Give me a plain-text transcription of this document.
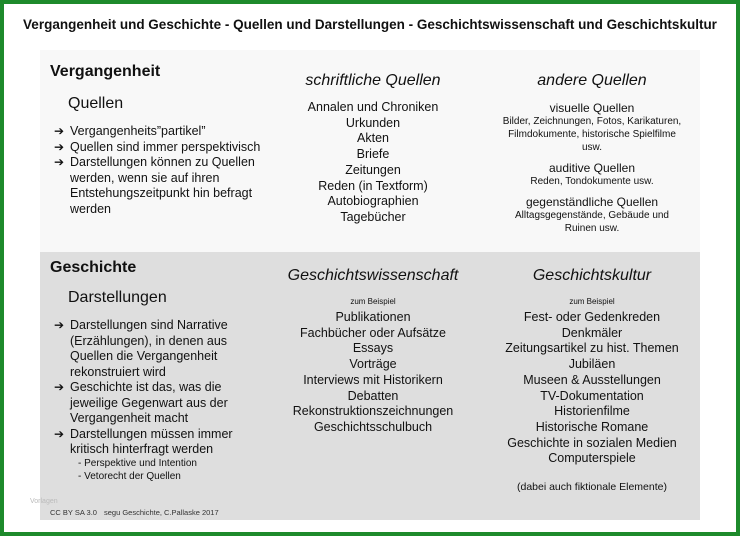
Vergangenheit und Geschichte - Quellen und Darstellungen - Geschichtswissenschaft und Geschichtskultur
Vergangenheit
Quellen
➔ Vergangenheits”partikel”
➔ Quellen sind immer perspektivisch
➔ Darstellungen können zu Quellen werden, wenn sie auf ihren Entstehungszeitpunkt hin befragt werden
schriftliche Quellen
Annalen und Chroniken
Urkunden
Akten
Briefe
Zeitungen
Reden (in Textform)
Autobiographien
Tagebücher
andere Quellen
visuelle Quellen
Bilder, Zeichnungen, Fotos, Karikaturen, Filmdokumente, historische Spielfilme usw.
auditive Quellen
Reden, Tondokumente usw.
gegenständliche Quellen
Alltagsgegenstände, Gebäude und Ruinen usw.
Geschichte
Darstellungen
➔ Darstellungen sind Narrative (Erzählungen), in denen aus Quellen die Vergangenheit rekonstruiert wird
➔ Geschichte ist das, was die jeweilige Gegenwart aus der Vergangenheit macht
➔ Darstellungen müssen immer kritisch hinterfragt werden
- Perspektive und Intention
- Vetorecht der Quellen
Geschichtswissenschaft
zum Beispiel
Publikationen
Fachbücher oder Aufsätze
Essays
Vorträge
Interviews mit Historikern
Debatten
Rekonstruktionszeichnungen
Geschichtsschulbuch
Geschichtskultur
zum Beispiel
Fest- oder Gedenkreden
Denkmäler
Zeitungsartikel zu hist. Themen
Jubiläen
Museen & Ausstellungen
TV-Dokumentation
Historienfilme
Historische Romane
Geschichte in sozialen Medien
Computerspiele
(dabei auch fiktionale Elemente)
Vorlagen
CC BY SA 3.0 segu Geschichte, C.Pallaske 2017
